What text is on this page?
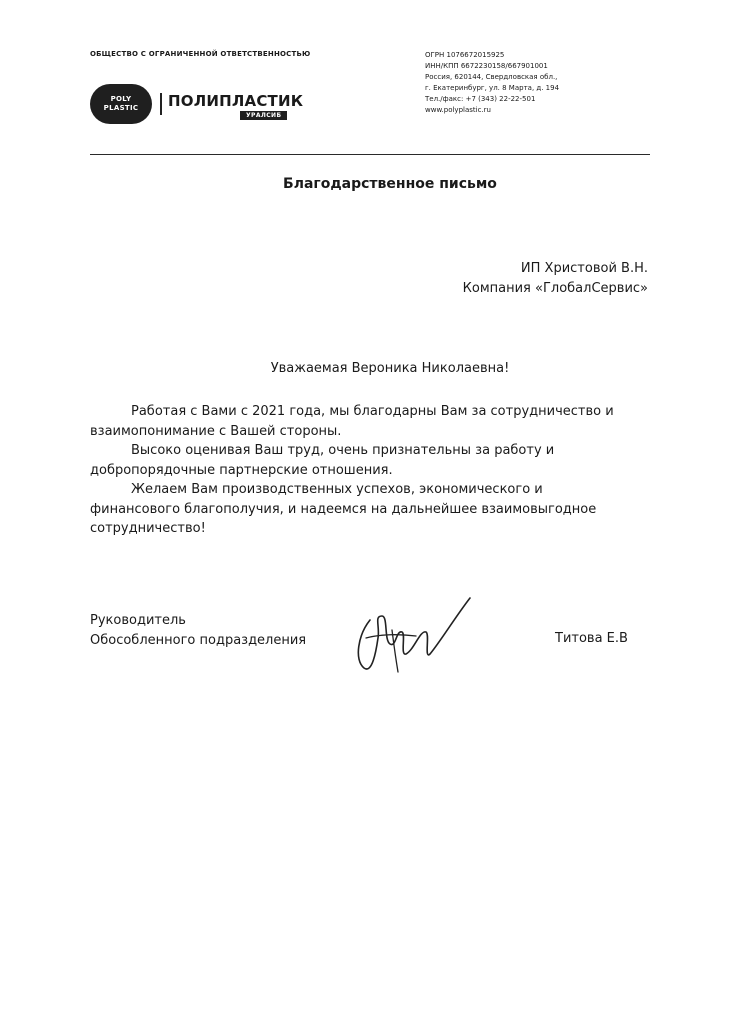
ОБЩЕСТВО С ОГРАНИЧЕННОЙ ОТВЕТСТВЕННОСТЬЮ
POLY
PLASTIC ПОЛИПЛАСТИК
УРАЛСИБ
ОГРН 1076672015925
ИНН/КПП 6672230158/667901001
Россия, 620144, Свердловская обл.,
г. Екатеринбург, ул. 8 Марта, д. 194
Тел./факс: +7 (343) 22-22-501
www.polyplastic.ru
Благодарственное письмо
ИП Христовой В.Н.
Компания «ГлобалСервис»
Уважаемая Вероника Николаевна!

Работая с Вами с 2021 года, мы благодарны Вам за сотрудничество и взаимопонимание с Вашей стороны.

Высоко оценивая Ваш труд, очень признательны за работу и добропорядочные партнерские отношения.

Желаем Вам производственных успехов, экономического и финансового благополучия, и надеемся на дальнейшее взаимовыгодное сотрудничество!

Руководитель
Обособленного подразделения	Титова Е.В
